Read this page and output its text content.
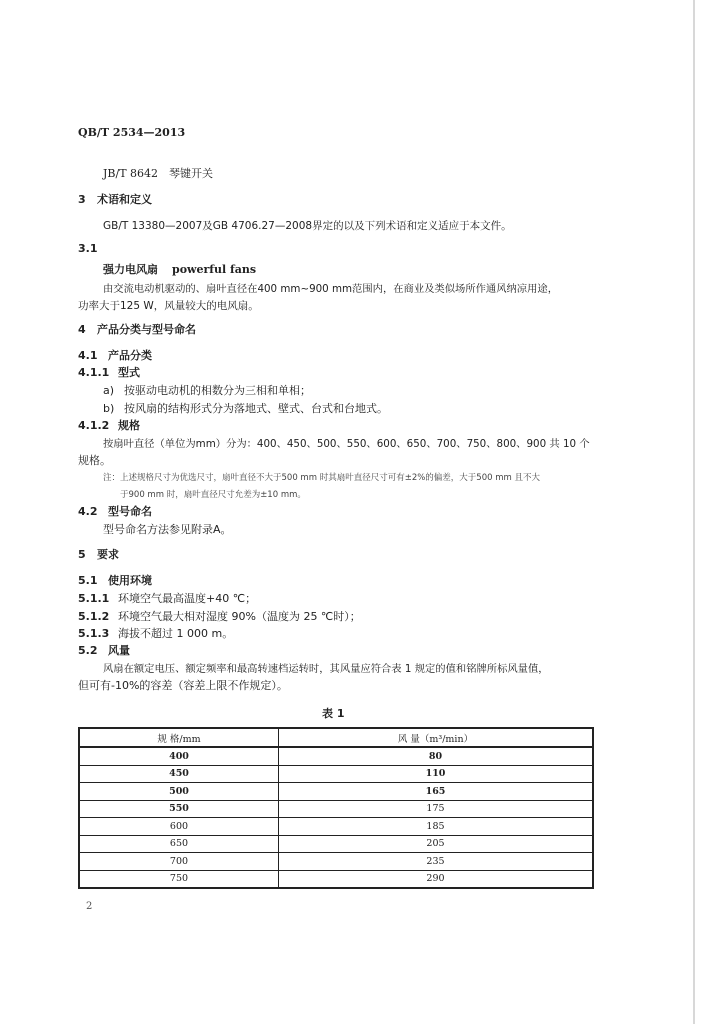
QB/T 2534—2013
JB/T 8642 琴键开关
3 术语和定义
GB/T 13380—2007及GB 4706.27—2008界定的以及下列术语和定义适应于本文件。
3.1
强力电风扇 powerful fans
由交流电动机驱动的、扇叶直径在400 mm~900 mm范围内，在商业及类似场所作通风纳凉用途，
功率大于125 W，风量较大的电风扇。
4 产品分类与型号命名
4.1 产品分类
4.1.1 型式
a) 按驱动电动机的相数分为三相和单相；
b) 按风扇的结构形式分为落地式、壁式、台式和台地式。
4.1.2 规格
按扇叶直径（单位为mm）分为：400、450、500、550、600、650、700、750、800、900 共 10 个
规格。
注：上述规格尺寸为优选尺寸，扇叶直径不大于500 mm 时其扇叶直径尺寸可有±2%的偏差，大于500 mm 且不大
于900 mm 时，扇叶直径尺寸允差为±10 mm。
4.2 型号命名
型号命名方法参见附录A。
5 要求
5.1 使用环境
5.1.1 环境空气最高温度+40 ℃；
5.1.2 环境空气最大相对湿度 90%（温度为 25 ℃时）；
5.1.3 海拔不超过 1 000 m。
5.2 风量
风扇在额定电压、额定频率和最高转速档运转时，其风量应符合表 1 规定的值和铭牌所标风量值，
但可有-10%的容差（容差上限不作规定）。
表 1
规 格/mm	风 量（m³/min）
400	80
450	110
500	165
550	175
600	185
650	205
700	235
750	290
2
